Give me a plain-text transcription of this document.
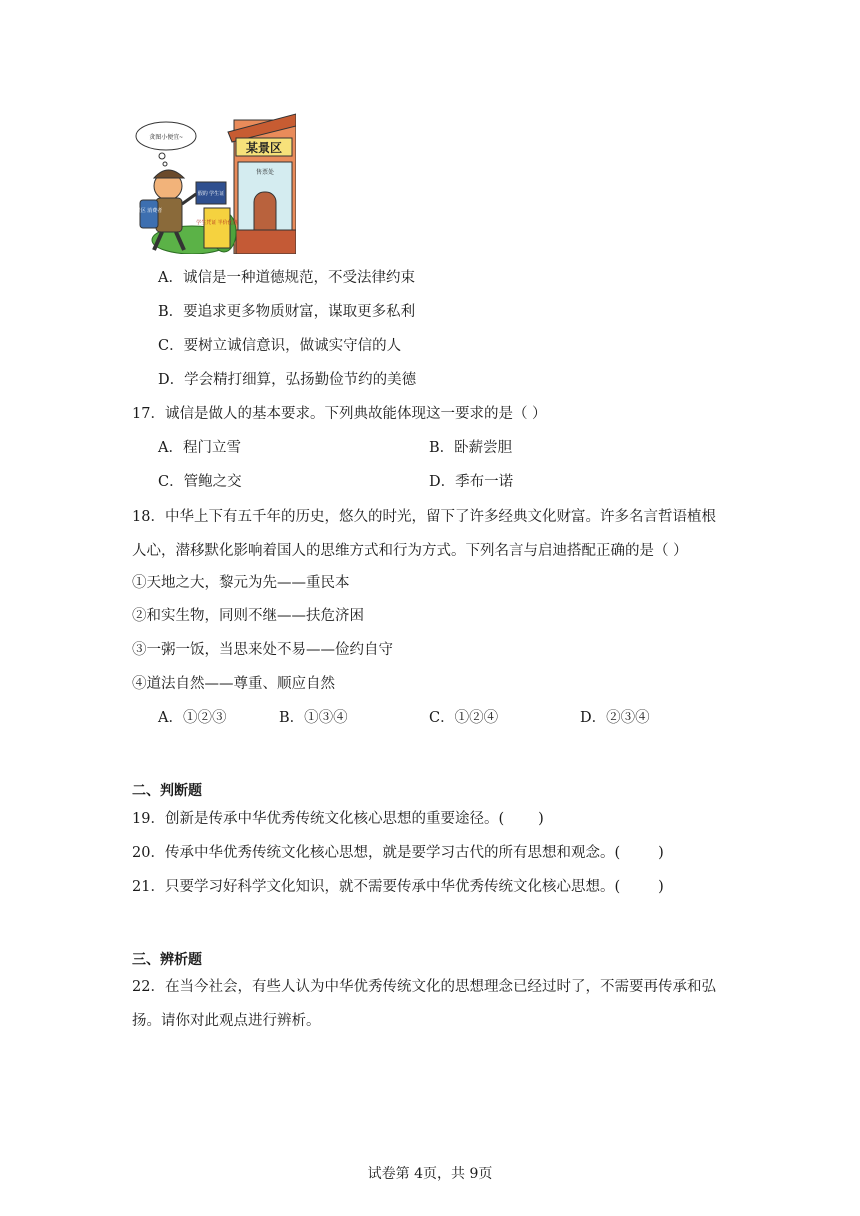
某景区
售票处
贪图小便宜~
景区 消费者
假的 学生证
学生凭证 半价优惠
A．诚信是一种道德规范，不受法律约束
B．要追求更多物质财富，谋取更多私利
C．要树立诚信意识，做诚实守信的人
D．学会精打细算，弘扬勤俭节约的美德
17．诚信是做人的基本要求。下列典故能体现这一要求的是（ ）
A．程门立雪	B．卧薪尝胆
C．管鲍之交	D．季布一诺
18．中华上下有五千年的历史，悠久的时光，留下了许多经典文化财富。许多名言哲语植根
人心，潜移默化影响着国人的思维方式和行为方式。下列名言与启迪搭配正确的是（ ）
①天地之大，黎元为先——重民本
②和实生物，同则不继——扶危济困
③一粥一饭，当思来处不易——俭约自守
④道法自然——尊重、顺应自然
A．①②③	B．①③④	C．①②④	D．②③④
二、判断题
19．创新是传承中华优秀传统文化核心思想的重要途径。( )
20．传承中华优秀传统文化核心思想，就是要学习古代的所有思想和观念。(	)
21．只要学习好科学文化知识，就不需要传承中华优秀传统文化核心思想。(	)
三、辨析题
22．在当今社会，有些人认为中华优秀传统文化的思想理念已经过时了，不需要再传承和弘
扬。请你对此观点进行辨析。
试卷第 4页，共 9页
